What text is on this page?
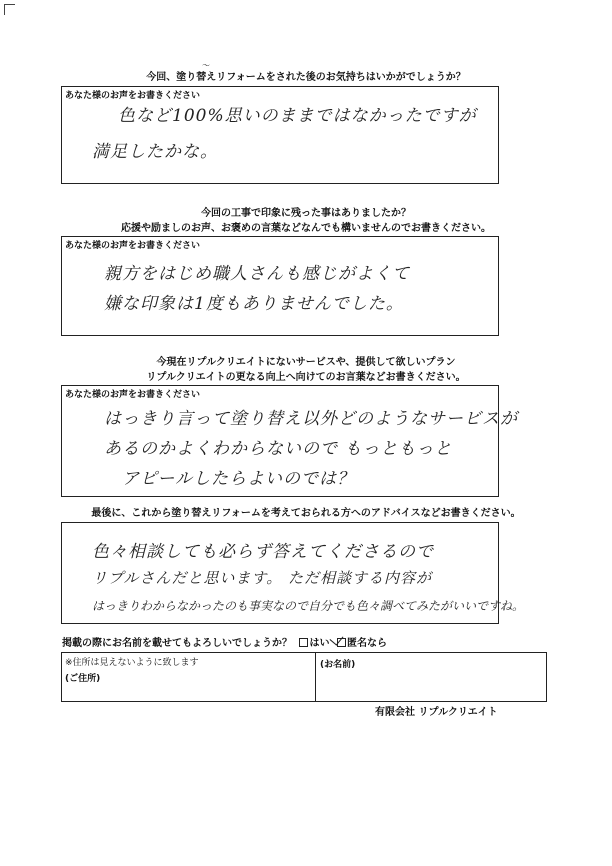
〜
今回、塗り替えリフォームをされた後のお気持ちはいかがでしょうか？
あなた様のお声をお書きください
色など100%思いのままではなかったですが
満足したかな。
今回の工事で印象に残った事はありましたか？
応援や励ましのお声、お褒めの言葉などなんでも構いませんのでお書きください。
あなた様のお声をお書きください
親方をはじめ職人さんも感じがよくて
嫌な印象は1度もありませんでした。
今現在リプルクリエイトにないサービスや、提供して欲しいプラン
リプルクリエイトの更なる向上へ向けてのお言葉などお書きください。
あなた様のお声をお書きください
はっきり言って塗り替え以外どのようなサービスが
あるのかよくわからないので もっともっと
アピールしたらよいのでは？
最後に、これから塗り替えリフォームを考えておられる方へのアドバイスなどお書きください。
色々相談しても必らず答えてくださるので
リプルさんだと思います。 ただ相談する内容が
はっきりわからなかったのも事実なので自分でも色々調べてみたがいいですね。
掲載の際にお名前を載せてもよろしいでしょうか？ はい 匿名なら
※住所は見えないように致します
(ご住所)
(お名前)
有限会社 リプルクリエイト
